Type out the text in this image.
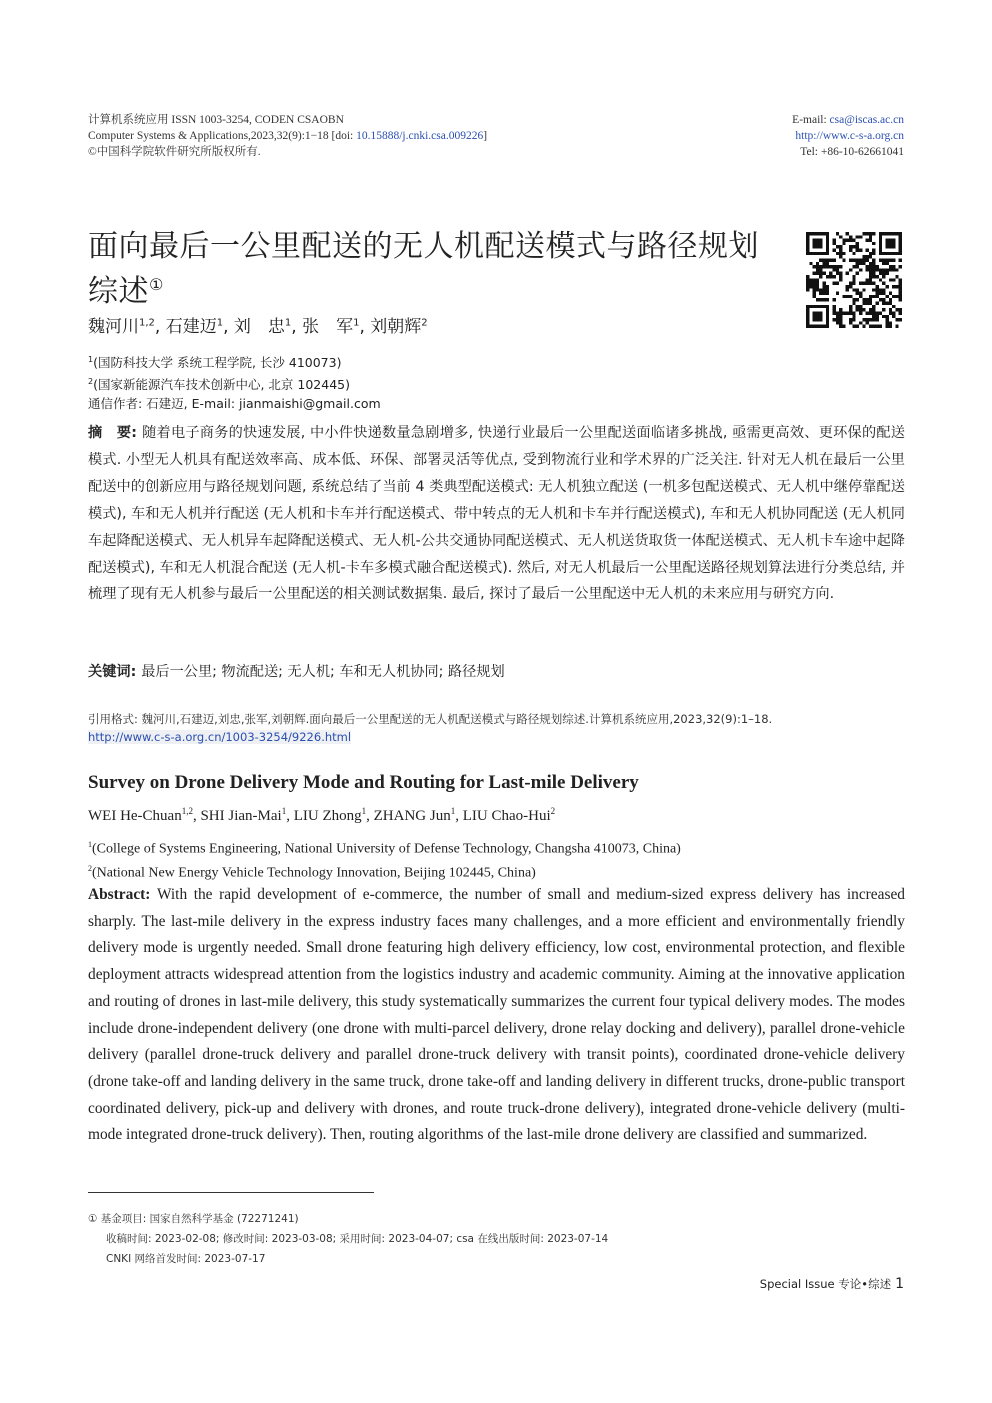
计算机系统应用 ISSN 1003-3254, CODEN CSAOBN
Computer Systems & Applications,2023,32(9):1−18 [doi: 10.15888/j.cnki.csa.009226]
©中国科学院软件研究所版权所有.
E-mail: csa@iscas.ac.cn
http://www.c-s-a.org.cn
Tel: +86-10-62661041
面向最后一公里配送的无人机配送模式与路径规划综述①
魏河川$^{1,2}$, 石建迈$^1$, 刘　忠$^1$, 张　军$^1$, 刘朝辉$^2$
$^1$(国防科技大学 系统工程学院, 长沙 410073)
$^2$(国家新能源汽车技术创新中心, 北京 102445)
通信作者: 石建迈, E-mail: jianmaishi@gmail.com
摘　要: 随着电子商务的快速发展, 中小件快递数量急剧增多, 快递行业最后一公里配送面临诸多挑战, 亟需更高效、更环保的配送模式. 小型无人机具有配送效率高、成本低、环保、部署灵活等优点, 受到物流行业和学术界的广泛关注. 针对无人机在最后一公里配送中的创新应用与路径规划问题, 系统总结了当前 4 类典型配送模式: 无人机独立配送 (一机多包配送模式、无人机中继停靠配送模式), 车和无人机并行配送 (无人机和卡车并行配送模式、带中转点的无人机和卡车并行配送模式), 车和无人机协同配送 (无人机同车起降配送模式、无人机异车起降配送模式、无人机-公共交通协同配送模式、无人机送货取货一体配送模式、无人机卡车途中起降配送模式), 车和无人机混合配送 (无人机-卡车多模式融合配送模式). 然后, 对无人机最后一公里配送路径规划算法进行分类总结, 并梳理了现有无人机参与最后一公里配送的相关测试数据集. 最后, 探讨了最后一公里配送中无人机的未来应用与研究方向.
关键词: 最后一公里; 物流配送; 无人机; 车和无人机协同; 路径规划
引用格式: 魏河川,石建迈,刘忠,张军,刘朝辉.面向最后一公里配送的无人机配送模式与路径规划综述.计算机系统应用,2023,32(9):1–18.
http://www.c-s-a.org.cn/1003-3254/9226.html
Survey on Drone Delivery Mode and Routing for Last-mile Delivery
WEI He-Chuan$^{1,2}$, SHI Jian-Mai$^1$, LIU Zhong$^1$, ZHANG Jun$^1$, LIU Chao-Hui$^2$
$^1$(College of Systems Engineering, National University of Defense Technology, Changsha 410073, China)
$^2$(National New Energy Vehicle Technology Innovation, Beijing 102445, China)
Abstract: With the rapid development of e-commerce, the number of small and medium-sized express delivery has increased sharply. The last-mile delivery in the express industry faces many challenges, and a more efficient and environmentally friendly delivery mode is urgently needed. Small drone featuring high delivery efficiency, low cost, environmental protection, and flexible deployment attracts widespread attention from the logistics industry and academic community. Aiming at the innovative application and routing of drones in last-mile delivery, this study systematically summarizes the current four typical delivery modes. The modes include drone-independent delivery (one drone with multi-parcel delivery, drone relay docking and delivery), parallel drone-vehicle delivery (parallel drone-truck delivery and parallel drone-truck delivery with transit points), coordinated drone-vehicle delivery (drone take-off and landing delivery in the same truck, drone take-off and landing delivery in different trucks, drone-public transport coordinated delivery, pick-up and delivery with drones, and route truck-drone delivery), integrated drone-vehicle delivery (multi-mode integrated drone-truck delivery). Then, routing algorithms of the last-mile drone delivery are classified and summarized.
① 基金项目: 国家自然科学基金 (72271241)
收稿时间: 2023-02-08; 修改时间: 2023-03-08; 采用时间: 2023-04-07; csa 在线出版时间: 2023-07-14
CNKI 网络首发时间: 2023-07-17
Special Issue 专论•综述 1
